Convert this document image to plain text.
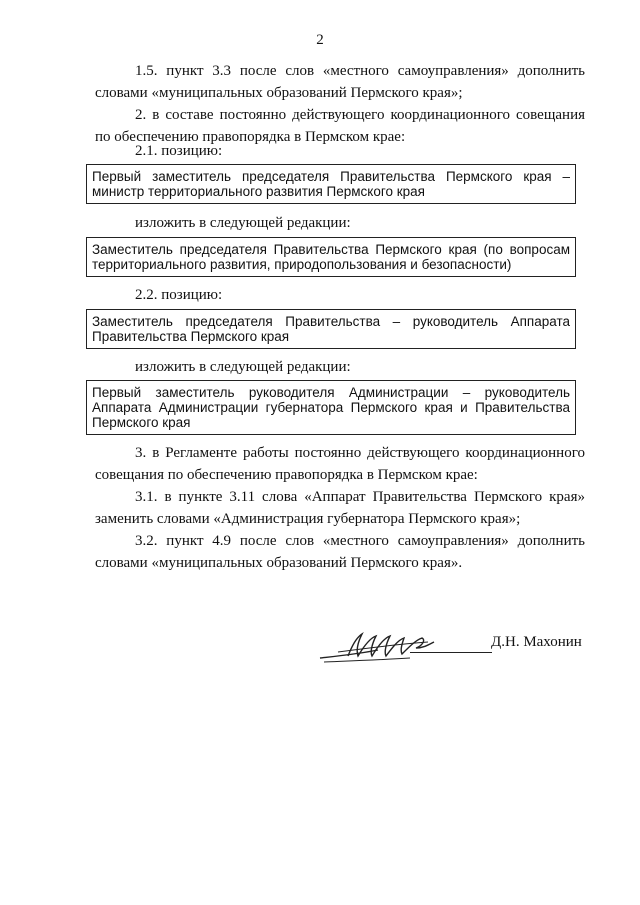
2
1.5. пункт 3.3 после слов «местного самоуправления» дополнить
словами «муниципальных образований Пермского края»;
2. в составе постоянно действующего координационного совещания
по обеспечению правопорядка в Пермском крае:
2.1. позицию:
Первый заместитель председателя Правительства Пермского края –
министр территориального развития Пермского края
изложить в следующей редакции:
Заместитель председателя Правительства Пермского края (по вопросам
территориального развития, природопользования и безопасности)
2.2. позицию:
Заместитель председателя Правительства – руководитель Аппарата
Правительства Пермского края
изложить в следующей редакции:
Первый заместитель руководителя Администрации – руководитель
Аппарата Администрации губернатора Пермского края и Правительства
Пермского края
3. в Регламенте работы постоянно действующего координационного
совещания по обеспечению правопорядка в Пермском крае:
3.1. в пункте 3.11 слова «Аппарат Правительства Пермского края»
заменить словами «Администрация губернатора Пермского края»;
3.2. пункт 4.9 после слов «местного самоуправления» дополнить
словами «муниципальных образований Пермского края».
Д.Н. Махонин
